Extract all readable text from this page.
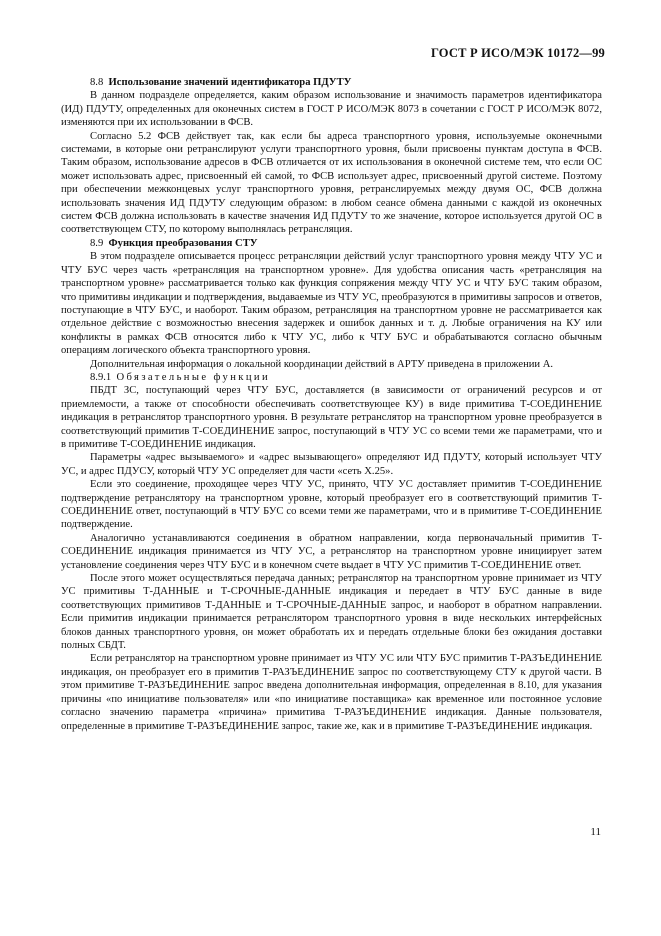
ГОСТ Р ИСО/МЭК 10172—99

8.8 Использование значений идентификатора ПДУТУ

В данном подразделе определяется, каким образом использование и значимость параметров идентификатора (ИД) ПДУТУ, определенных для оконечных систем в ГОСТ Р ИСО/МЭК 8073 в сочетании с ГОСТ Р ИСО/МЭК 8072, изменяются при их использовании в ФСВ.

Согласно 5.2 ФСВ действует так, как если бы адреса транспортного уровня, используемые оконечными системами, в которые они ретранслируют услуги транспортного уровня, были присвоены пунктам доступа в ФСВ. Таким образом, использование адресов в ФСВ отличается от их использования в оконечной системе тем, что если ОС может использовать адрес, присвоенный ей самой, то ФСВ использует адрес, присвоенный другой системе. Поэтому при обеспечении межконцевых услуг транспортного уровня, ретранслируемых между двумя ОС, ФСВ должна использовать значения ИД ПДУТУ следующим образом: в любом сеансе обмена данными с каждой из оконечных систем ФСВ должна использовать в качестве значения ИД ПДУТУ то же значение, которое используется другой ОС в соответствующем СТУ, по которому выполнялась ретрансляция.

8.9 Функция преобразования СТУ

В этом подразделе описывается процесс ретрансляции действий услуг транспортного уровня между ЧТУ УС и ЧТУ БУС через часть «ретрансляция на транспортном уровне». Для удобства описания часть «ретрансляция на транспортном уровне» рассматривается только как функция сопряжения между ЧТУ УС и ЧТУ БУС таким образом, что примитивы индикации и подтверждения, выдаваемые из ЧТУ УС, преобразуются в примитивы запросов и ответов, поступающие в ЧТУ БУС, и наоборот. Таким образом, ретрансляция на транспортном уровне не рассматривается как отдельное действие с возможностью внесения задержек и ошибок данных и т. д. Любые ограничения на КУ или конфликты в рамках ФСВ относятся либо к ЧТУ УС, либо к ЧТУ БУС и обрабатываются согласно обычным операциям логического объекта транспортного уровня.

Дополнительная информация о локальной координации действий в АРТУ приведена в приложении А.

8.9.1 Обязательные функции

ПБДТ ЗС, поступающий через ЧТУ БУС, доставляется (в зависимости от ограничений ресурсов и от приемлемости, а также от способности обеспечивать соответствующее КУ) в виде примитива Т-СОЕДИНЕНИЕ индикация в ретранслятор транспортного уровня. В результате ретранслятор на транспортном уровне преобразуется в соответствующий примитив Т-СОЕДИНЕНИЕ запрос, поступающий в ЧТУ УС со всеми теми же параметрами, что и в примитиве Т-СОЕДИНЕНИЕ индикация.

Параметры «адрес вызываемого» и «адрес вызывающего» определяют ИД ПДУТУ, который использует ЧТУ УС, и адрес ПДУСУ, который ЧТУ УС определяет для части «сеть Х.25».

Если это соединение, проходящее через ЧТУ УС, принято, ЧТУ УС доставляет примитив Т-СОЕДИНЕНИЕ подтверждение ретранслятору на транспортном уровне, который преобразует его в соответствующий примитив Т-СОЕДИНЕНИЕ ответ, поступающий в ЧТУ БУС со всеми теми же параметрами, что и в примитиве Т-СОЕДИНЕНИЕ подтверждение.

Аналогично устанавливаются соединения в обратном направлении, когда первоначальный примитив Т-СОЕДИНЕНИЕ индикация принимается из ЧТУ УС, а ретранслятор на транспортном уровне инициирует затем установление соединения через ЧТУ БУС и в конечном счете выдает в ЧТУ УС примитив Т-СОЕДИНЕНИЕ ответ.

После этого может осуществляться передача данных; ретранслятор на транспортном уровне принимает из ЧТУ УС примитивы Т-ДАННЫЕ и Т-СРОЧНЫЕ-ДАННЫЕ индикация и передает в ЧТУ БУС данные в виде соответствующих примитивов Т-ДАННЫЕ и Т-СРОЧНЫЕ-ДАННЫЕ запрос, и наоборот в обратном направлении. Если примитив индикации принимается ретранслятором транспортного уровня в виде нескольких интерфейсных блоков данных транспортного уровня, он может обработать их и передать отдельные блоки без ожидания доставки полных СБДТ.

Если ретранслятор на транспортном уровне принимает из ЧТУ УС или ЧТУ БУС примитив Т-РАЗЪЕДИНЕНИЕ индикация, он преобразует его в примитив Т-РАЗЪЕДИНЕНИЕ запрос по соответствующему СТУ к другой части. В этом примитиве Т-РАЗЪЕДИНЕНИЕ запрос введена дополнительная информация, определенная в 8.10, для указания причины «по инициативе пользователя» или «по инициативе поставщика» как временное или постоянное условие согласно значению параметра «причина» примитива Т-РАЗЪЕДИНЕНИЕ индикация. Данные пользователя, определенные в примитиве Т-РАЗЪЕДИНЕНИЕ запрос, такие же, как и в примитиве Т-РАЗЪЕДИНЕНИЕ индикация.

11
